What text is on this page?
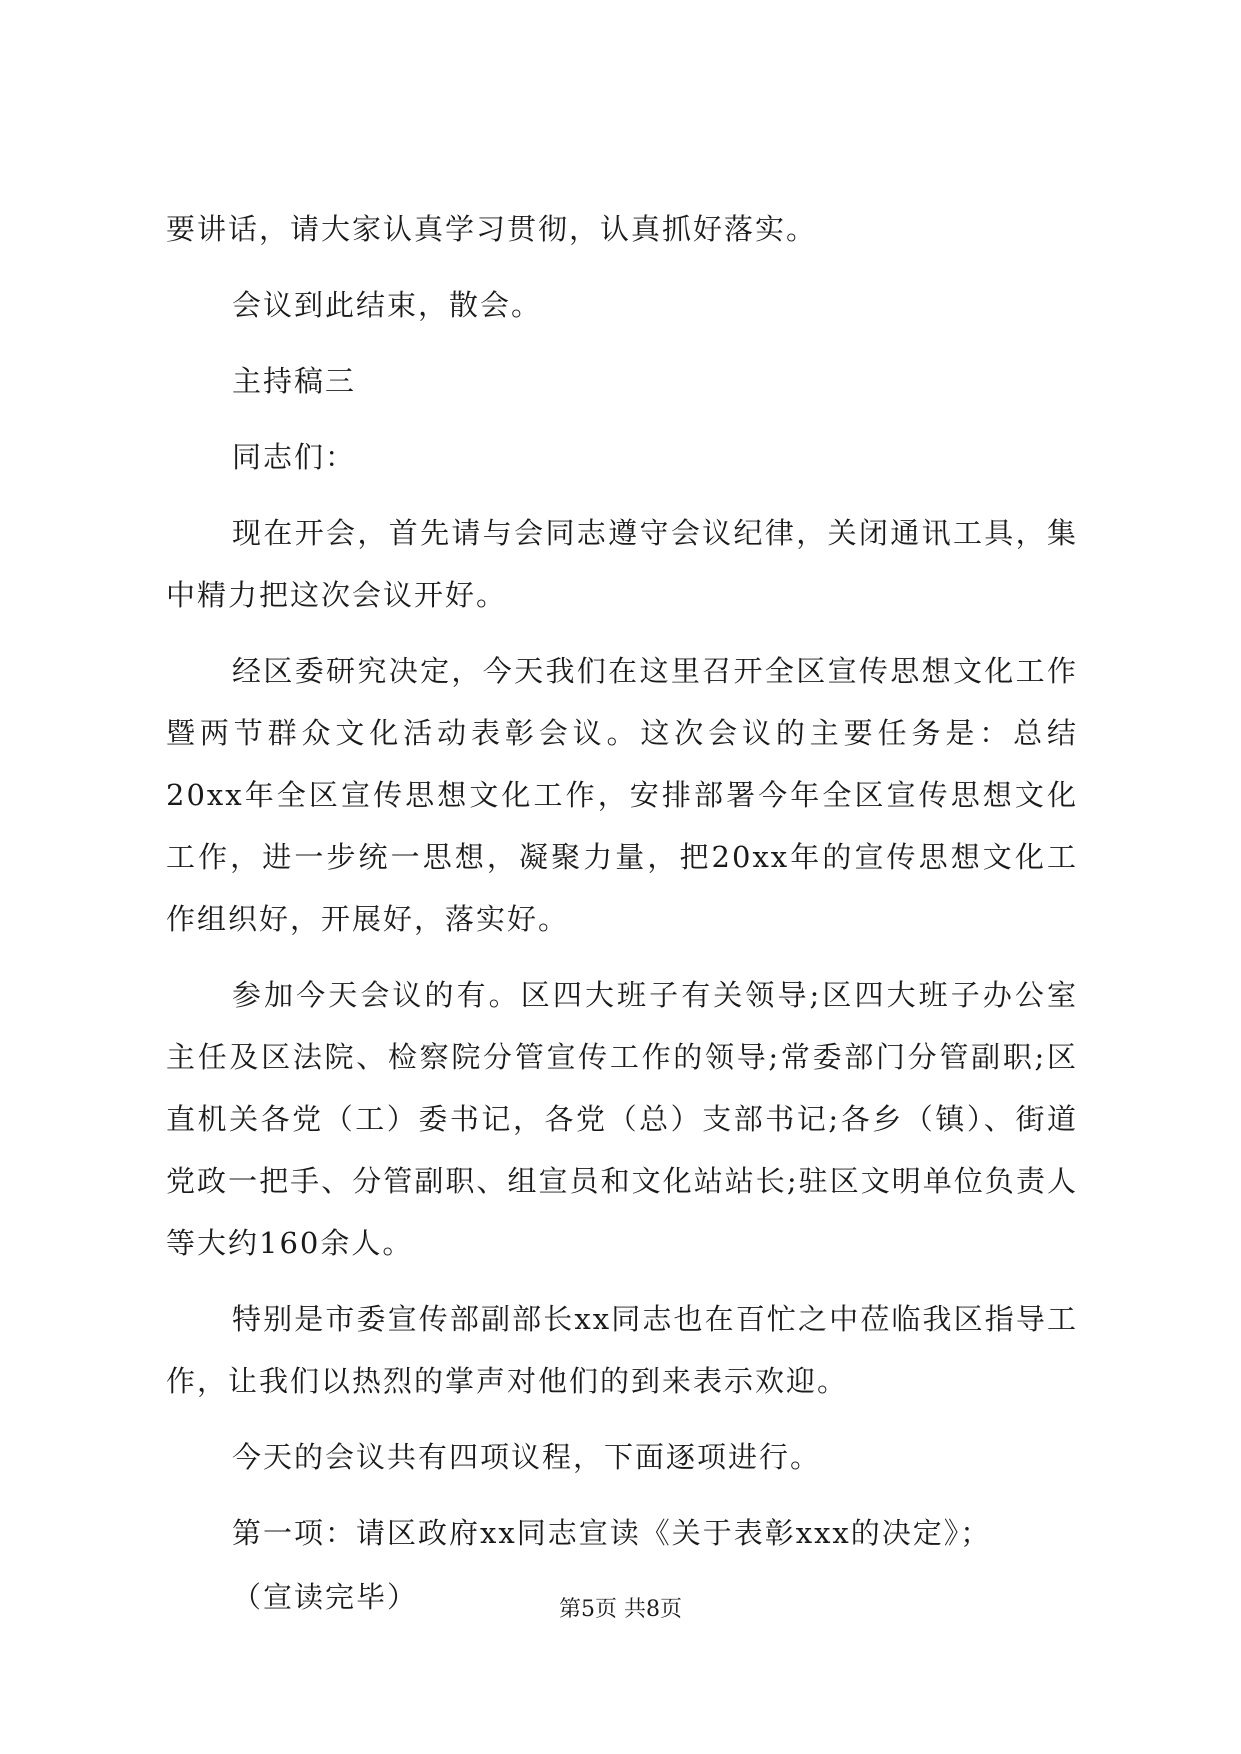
要讲话，请大家认真学习贯彻，认真抓好落实。

会议到此结束，散会。

主持稿三

同志们：

现在开会，首先请与会同志遵守会议纪律，关闭通讯工具，集中精力把这次会议开好。

经区委研究决定，今天我们在这里召开全区宣传思想文化工作暨两节群众文化活动表彰会议。这次会议的主要任务是：总结20xx年全区宣传思想文化工作，安排部署今年全区宣传思想文化工作，进一步统一思想，凝聚力量，把20xx年的宣传思想文化工作组织好，开展好，落实好。

参加今天会议的有。区四大班子有关领导;区四大班子办公室主任及区法院、检察院分管宣传工作的领导;常委部门分管副职;区直机关各党（工）委书记，各党（总）支部书记;各乡（镇）、街道党政一把手、分管副职、组宣员和文化站站长;驻区文明单位负责人等大约160余人。

特别是市委宣传部副部长xx同志也在百忙之中莅临我区指导工作，让我们以热烈的掌声对他们的到来表示欢迎。

今天的会议共有四项议程，下面逐项进行。

第一项：请区政府xx同志宣读《关于表彰xxx的决定》；

（宣读完毕）	第5页 共8页
